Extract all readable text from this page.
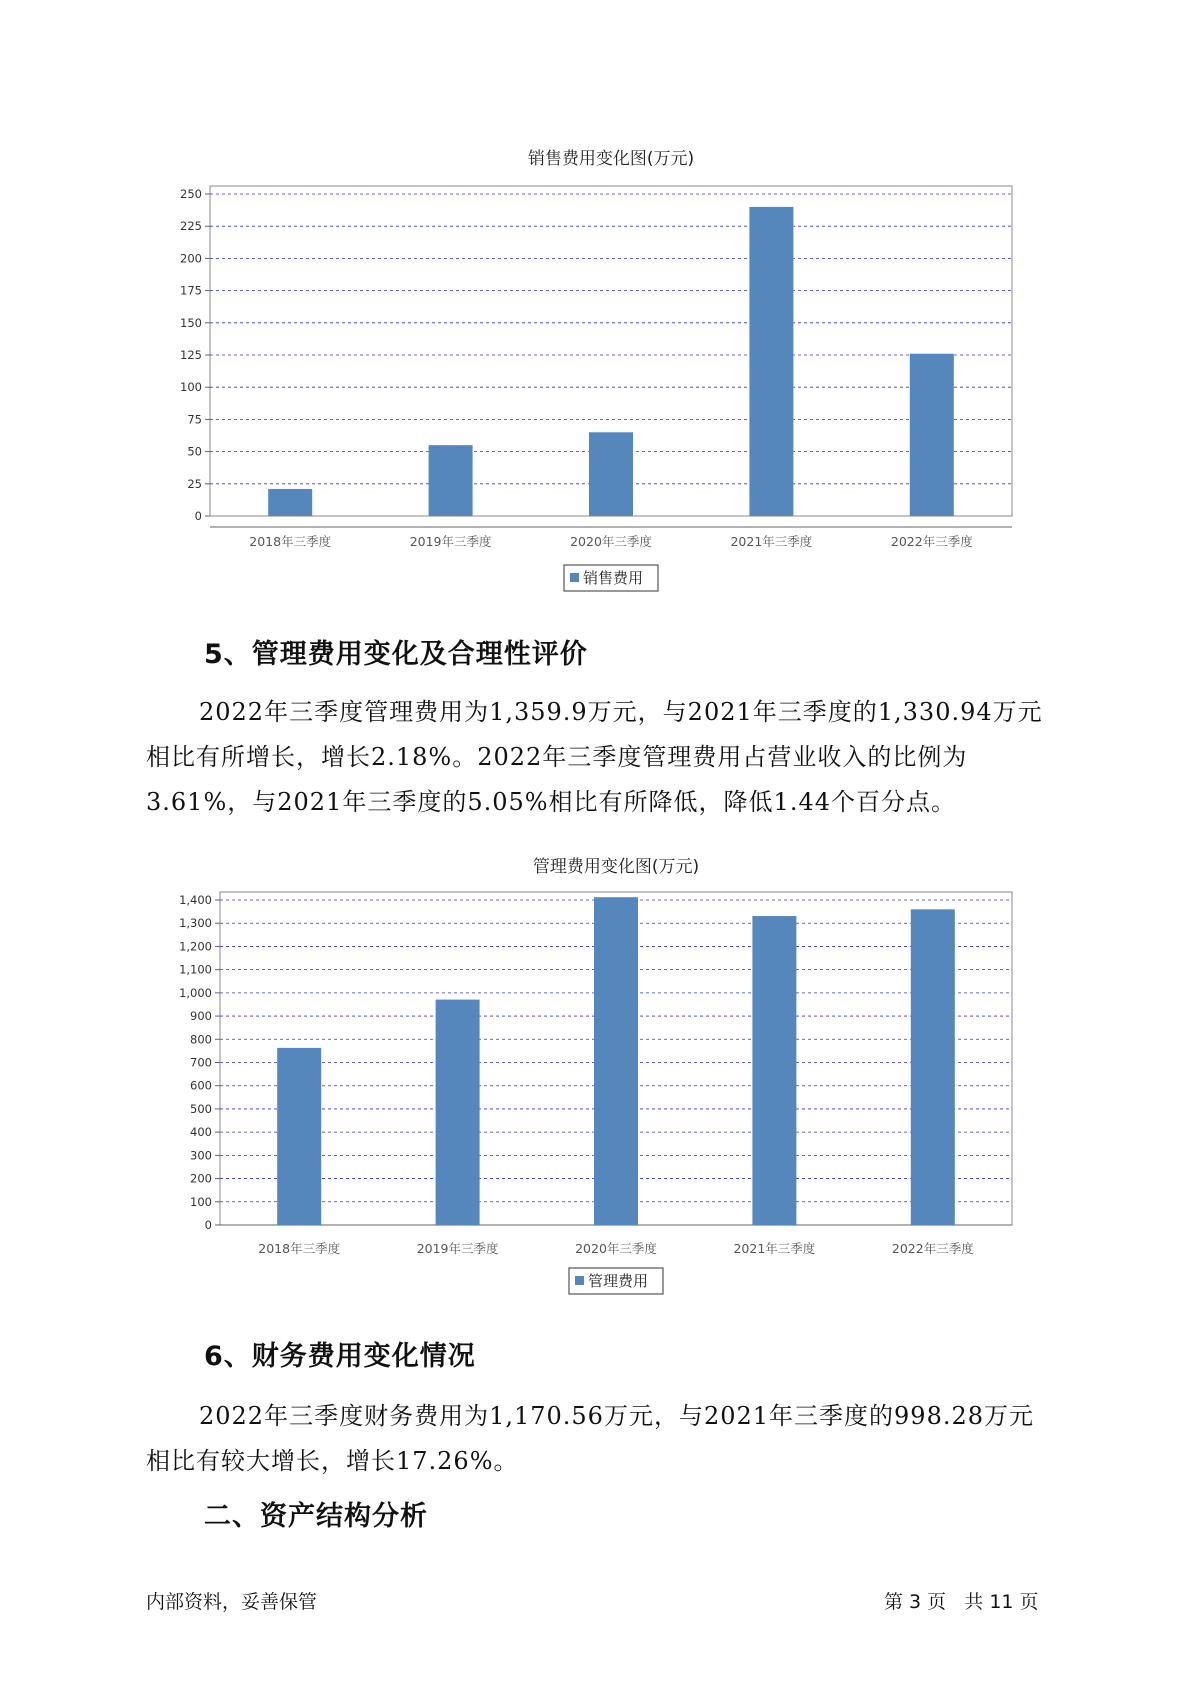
销售费用变化图(万元)
0
25
50
75
100
125
150
175
200
225
250
2018年三季度	2019年三季度	2020年三季度	2021年三季度	2022年三季度
销售费用
5、管理费用变化及合理性评价

2022年三季度管理费用为1,359.9万元，与2021年三季度的1,330.94万元相比有所增长，增长2.18%。2022年三季度管理费用占营业收入的比例为3.61%，与2021年三季度的5.05%相比有所降低，降低1.44个百分点。

管理费用变化图(万元)
0
100
200
300
400
500
600
700
800
900
1,000
1,100
1,200
1,300
1,400
2018年三季度	2019年三季度	2020年三季度	2021年三季度	2022年三季度
管理费用
6、财务费用变化情况

2022年三季度财务费用为1,170.56万元，与2021年三季度的998.28万元相比有较大增长，增长17.26%。

二、资产结构分析
内部资料，妥善保管	第 3 页   共 11 页
